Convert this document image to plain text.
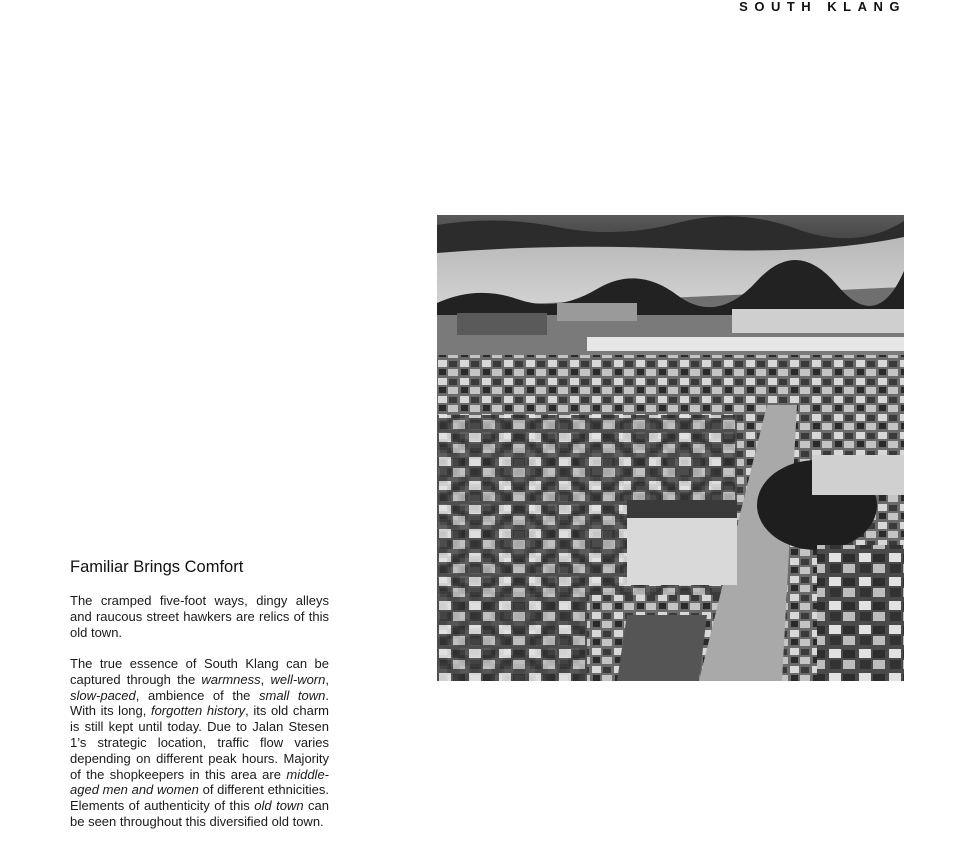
SOUTH KLANG
Familiar Brings Comfort

The cramped five-foot ways, dingy alleys and raucous street hawkers are relics of this old town.

The true essence of South Klang can be captured through the warmness, well-worn, slow-paced, ambience of the small town. With its long, forgotten history, its old charm is still kept until today. Due to Jalan Stesen 1’s strategic location, traffic flow varies depending on different peak hours. Majority of the shopkeepers in this area are middle-aged men and women of different ethnicities. Elements of authenticity of this old town can be seen throughout this diversified old town.
